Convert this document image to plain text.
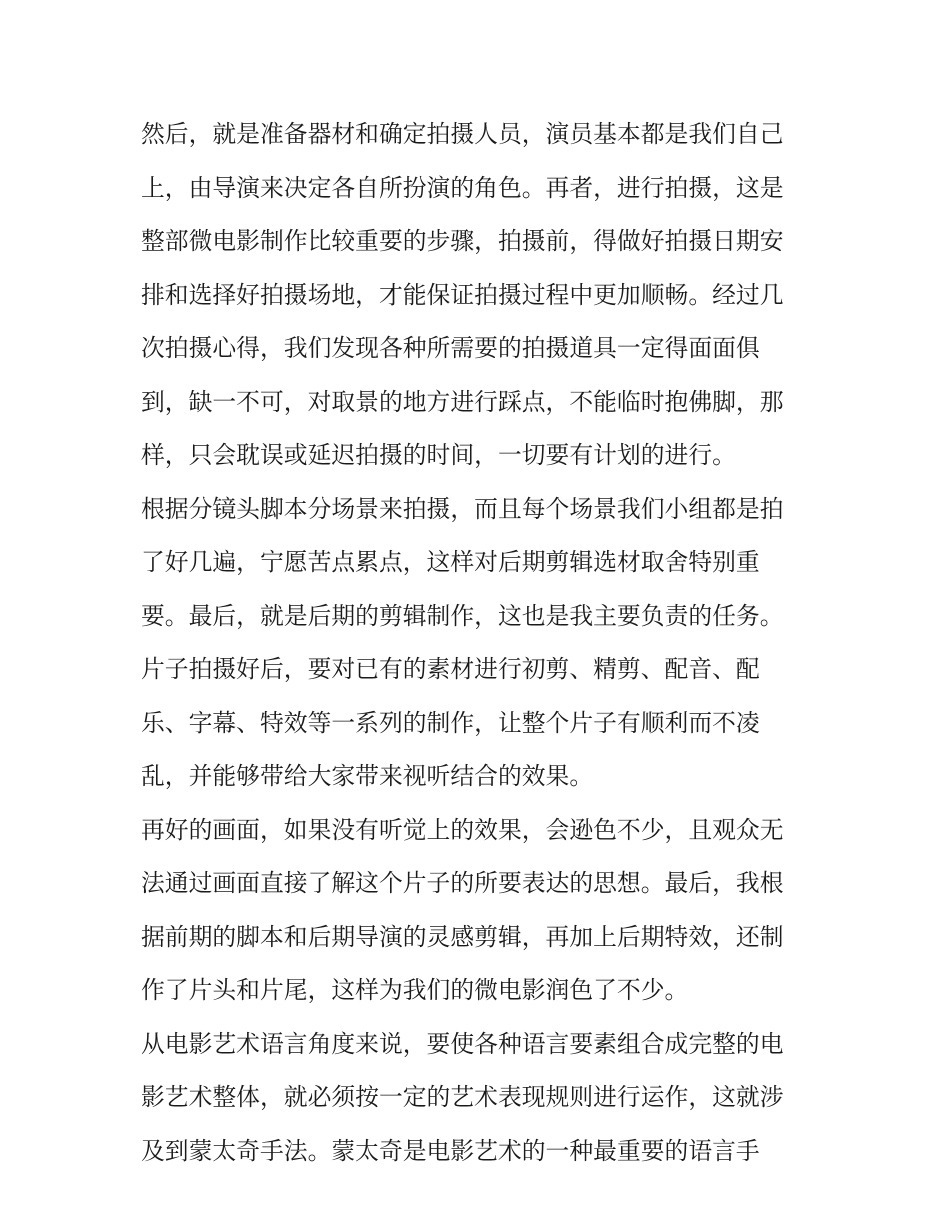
然后，就是准备器材和确定拍摄人员，演员基本都是我们自己
上，由导演来决定各自所扮演的角色。再者，进行拍摄，这是
整部微电影制作比较重要的步骤，拍摄前，得做好拍摄日期安
排和选择好拍摄场地，才能保证拍摄过程中更加顺畅。经过几
次拍摄心得，我们发现各种所需要的拍摄道具一定得面面俱
到，缺一不可，对取景的地方进行踩点，不能临时抱佛脚，那
样，只会耽误或延迟拍摄的时间，一切要有计划的进行。
根据分镜头脚本分场景来拍摄，而且每个场景我们小组都是拍
了好几遍，宁愿苦点累点，这样对后期剪辑选材取舍特别重
要。最后，就是后期的剪辑制作，这也是我主要负责的任务。
片子拍摄好后，要对已有的素材进行初剪、精剪、配音、配
乐、字幕、特效等一系列的制作，让整个片子有顺利而不凌
乱，并能够带给大家带来视听结合的效果。
再好的画面，如果没有听觉上的效果，会逊色不少，且观众无
法通过画面直接了解这个片子的所要表达的思想。最后，我根
据前期的脚本和后期导演的灵感剪辑，再加上后期特效，还制
作了片头和片尾，这样为我们的微电影润色了不少。
从电影艺术语言角度来说，要使各种语言要素组合成完整的电
影艺术整体，就必须按一定的艺术表现规则进行运作，这就涉
及到蒙太奇手法。蒙太奇是电影艺术的一种最重要的语言手
